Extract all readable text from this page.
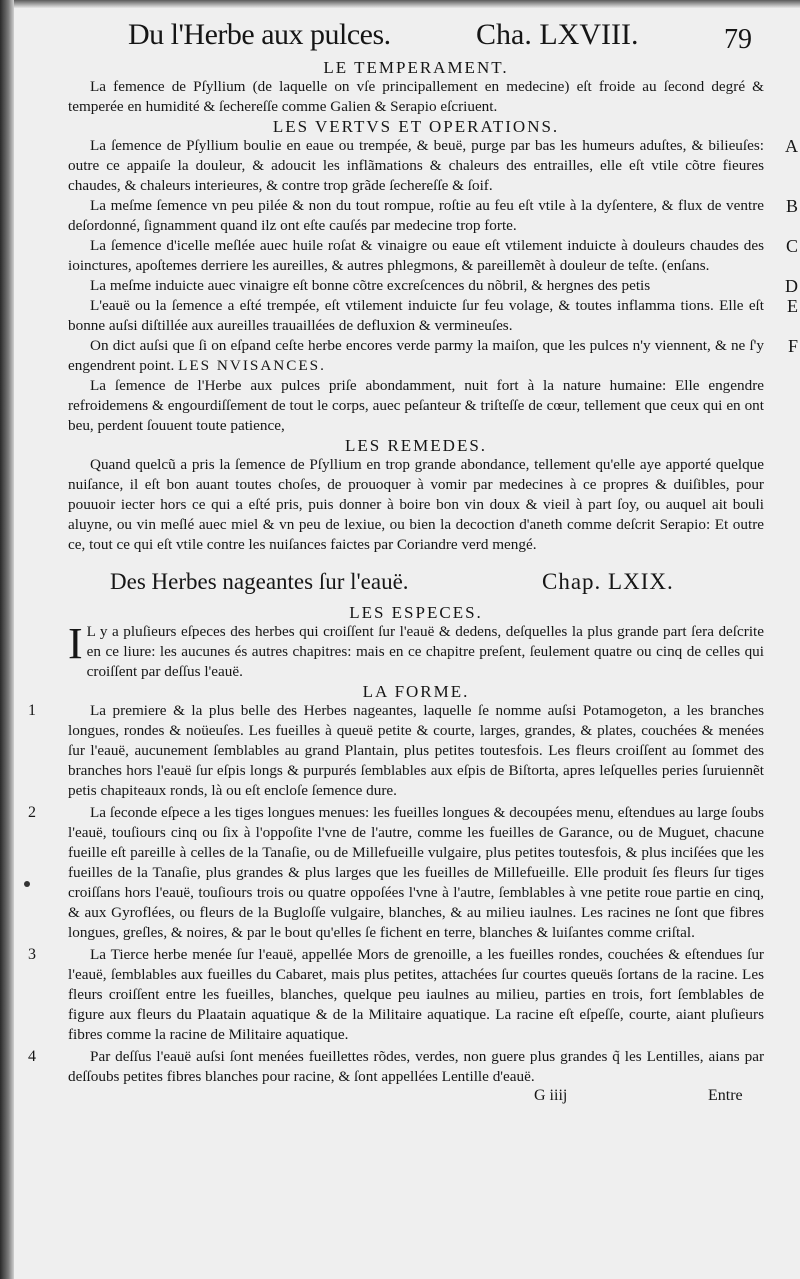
Du l'Herbe aux pulces.	Cha. LXVIII.	79
LE TEMPERAMENT.

La femence de Pſyllium (de laquelle on vſe principallement en medecine) eſt froide au ſecond degré & temperée en humidité & ſechereſſe comme Galien & Serapio eſcriuent.

LES VERTVS ET OPERATIONS.

La ſemence de Pſyllium boulie en eaue ou trempée, & beuë, purge par bas les humeurs aduſtes, & bilieuſes: outre ce appaiſe la douleur, & adoucit les inflãmations & chaleurs des entrailles, elle eſt vtile cõtre fieures chaudes, & chaleurs interieures, & contre trop grãde ſechereſſe & ſoif.
A

La meſme ſemence vn peu pilée & non du tout rompue, roſtie au feu eſt vtile à la dyſentere, & flux de ventre deſordonné, ſignamment quand ilz ont eſte cauſés par medecine trop forte.
B

La ſemence d'icelle meſlée auec huile roſat & vinaigre ou eaue eſt vtilement induicte à douleurs chaudes des ioinctures, apoſtemes derriere les aureilles, & autres phlegmons, & pareillemẽt à douleur de teſte. (enſans.
C

La meſme induicte auec vinaigre eſt bonne cõtre excreſcences du nõbril, & hergnes des petis	D

L'eauë ou la ſemence a eſté trempée, eſt vtilement induicte ſur feu volage, & toutes inflamma tions. Elle eſt bonne auſsi diſtillée aux aureilles trauaillées de defluxion & vermineuſes.
E

On dict auſsi que ſi on eſpand ceſte herbe encores verde parmy la maiſon, que les pulces n'y viennent, & ne ſ'y engendrent point. LES NVISANCES.
F

La ſemence de l'Herbe aux pulces priſe abondamment, nuit fort à la nature humaine: Elle engendre refroidemens & engourdiſſement de tout le corps, auec peſanteur & triſteſſe de cœur, tellement que ceux qui en ont beu, perdent ſouuent toute patience,

LES REMEDES.

Quand quelcũ a pris la ſemence de Pſyllium en trop grande abondance, tellement qu'elle aye apporté quelque nuiſance, il eſt bon auant toutes choſes, de prouoquer à vomir par medecines à ce propres & duiſibles, pour pouuoir iecter hors ce qui a eſté pris, puis donner à boire bon vin doux & vieil à part ſoy, ou auquel ait bouli aluyne, ou vin meſlé auec miel & vn peu de lexiue, ou bien la decoction d'aneth comme deſcrit Serapio: Et outre ce, tout ce qui eſt vtile contre les nuiſances faictes par Coriandre verd mengé.

Des Herbes nageantes ſur l'eauë.	Chap. LXIX.
LES ESPECES.

I L y a pluſieurs eſpeces des herbes qui croiſſent ſur l'eauë & dedens, deſquelles la plus grande part ſera deſcrite en ce liure: les aucunes és autres chapitres: mais en ce chapitre preſent, ſeulement quatre ou cinq de celles qui croiſſent par deſſus l'eauë.

LA FORME.

1	La premiere & la plus belle des Herbes nageantes, laquelle ſe nomme auſsi Potamogeton, a les branches longues, rondes & noüeuſes. Les fueilles à queuë petite & courte, larges, grandes, & plates, couchées & menées ſur l'eauë, aucunement ſemblables au grand Plantain, plus petites toutesfois. Les fleurs croiſſent au ſommet des branches hors l'eauë ſur eſpis longs & purpurés ſemblables aux eſpis de Biſtorta, apres leſquelles peries ſuruiennẽt petis chapiteaux ronds, là ou eſt encloſe ſemence dure.

2	La ſeconde eſpece a les tiges longues menues: les fueilles longues & decoupées menu, eſtendues au large ſoubs l'eauë, touſiours cinq ou ſix à l'oppoſite l'vne de l'autre, comme les fueilles de Garance, ou de Muguet, chacune fueille eſt pareille à celles de la Tanaſie, ou de Millefueille vulgaire, plus petites toutesfois, & plus inciſées que les fueilles de la Tanaſie, plus grandes & plus larges que les fueilles de Millefueille. Elle produit ſes fleurs ſur tiges croiſſans hors l'eauë, touſiours trois ou quatre oppoſées l'vne à l'autre, ſemblables à vne petite roue partie en cinq, & aux Gyroflées, ou fleurs de la Bugloſſe vulgaire, blanches, & au milieu iaulnes. Les racines ne ſont que fibres longues, greſles, & noires, & par le bout qu'elles ſe fichent en terre, blanches & luiſantes comme criſtal.

3	La Tierce herbe menée ſur l'eauë, appellée Mors de grenoille, a les fueilles rondes, couchées & eſtendues ſur l'eauë, ſemblables aux fueilles du Cabaret, mais plus petites, attachées ſur courtes queuës ſortans de la racine. Les fleurs croiſſent entre les fueilles, blanches, quelque peu iaulnes au milieu, parties en trois, fort ſemblables de figure aux fleurs du Plaatain aquatique & de la Militaire aquatique. La racine eſt eſpeſſe, courte, aiant pluſieurs fibres comme la racine de Militaire aquatique.

4	Par deſſus l'eauë auſsi ſont menées fueillettes rõdes, verdes, non guere plus grandes q̃ les Lentilles, aians par deſſoubs petites fibres blanches pour racine, & ſont appellées Lentille d'eauë.

G iiij	Entre
